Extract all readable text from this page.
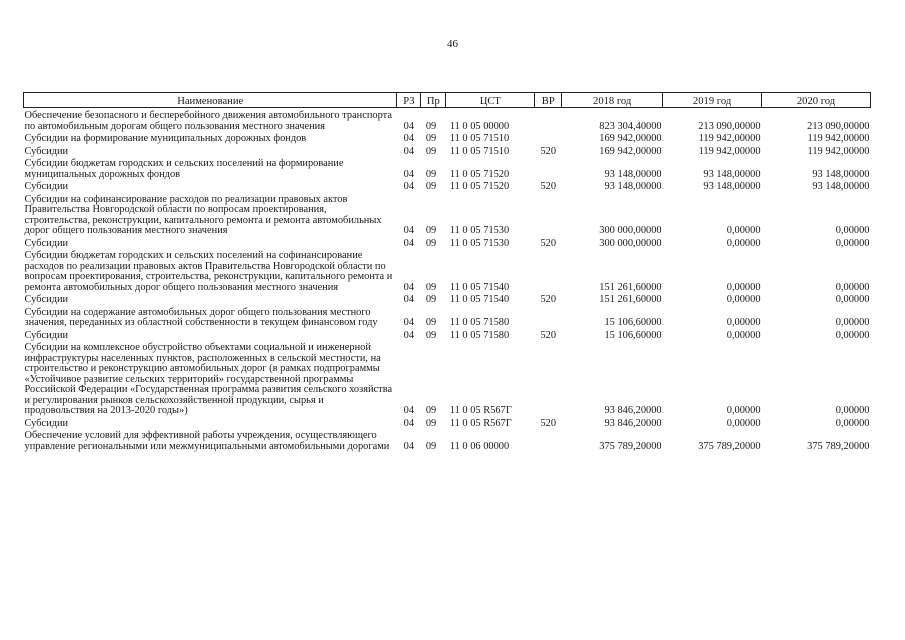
46
Наименование	РЗ	Пр	ЦСТ	ВР	2018 год	2019 год	2020 год
Обеспечение безопасного и бесперебойного движения автомобильного транспорта по автомобильным дорогам общего пользования местного значения	04	09	11 0 05 00000		823 304,40000	213 090,00000	213 090,00000
Субсидии на формирование муниципальных дорожных фондов	04	09	11 0 05 71510		169 942,00000	119 942,00000	119 942,00000
Субсидии	04	09	11 0 05 71510	520	169 942,00000	119 942,00000	119 942,00000
Субсидии бюджетам городских и сельских поселений на формирование муниципальных дорожных фондов	04	09	11 0 05 71520		93 148,00000	93 148,00000	93 148,00000
Субсидии	04	09	11 0 05 71520	520	93 148,00000	93 148,00000	93 148,00000
Субсидии на софинансирование расходов по реализации правовых актов Правительства Новгородской области по вопросам проектирования, строительства, реконструкции, капитального ремонта и ремонта автомобильных дорог общего пользования местного значения	04	09	11 0 05 71530		300 000,00000	0,00000	0,00000
Субсидии	04	09	11 0 05 71530	520	300 000,00000	0,00000	0,00000
Субсидии бюджетам городских и сельских поселений на софинансирование расходов по реализации правовых актов Правительства Новгородской области по вопросам проектирования, строительства, реконструкции, капитального ремонта и ремонта автомобильных дорог общего пользования местного значения	04	09	11 0 05 71540		151 261,60000	0,00000	0,00000
Субсидии	04	09	11 0 05 71540	520	151 261,60000	0,00000	0,00000
Субсидии на содержание автомобильных дорог общего пользования местного значения, переданных из областной собственности в текущем финансовом году	04	09	11 0 05 71580		15 106,60000	0,00000	0,00000
Субсидии	04	09	11 0 05 71580	520	15 106,60000	0,00000	0,00000
Субсидии на комплексное обустройство объектами социальной и инженерной инфраструктуры населенных пунктов, расположенных в сельской местности, на строительство и реконструкцию автомобильных дорог (в рамках подпрограммы «Устойчивое развитие сельских территорий» государственной программы Российской Федерации «Государственная программа развития сельского хозяйства и регулирования рынков сельскохозяйственной продукции, сырья и продовольствия на 2013-2020 годы»)	04	09	11 0 05 R567Г		93 846,20000	0,00000	0,00000
Субсидии	04	09	11 0 05 R567Г	520	93 846,20000	0,00000	0,00000
Обеспечение условий для эффективной работы учреждения, осуществляющего управление региональными или межмуниципальными автомобильными дорогами	04	09	11 0 06 00000		375 789,20000	375 789,20000	375 789,20000
